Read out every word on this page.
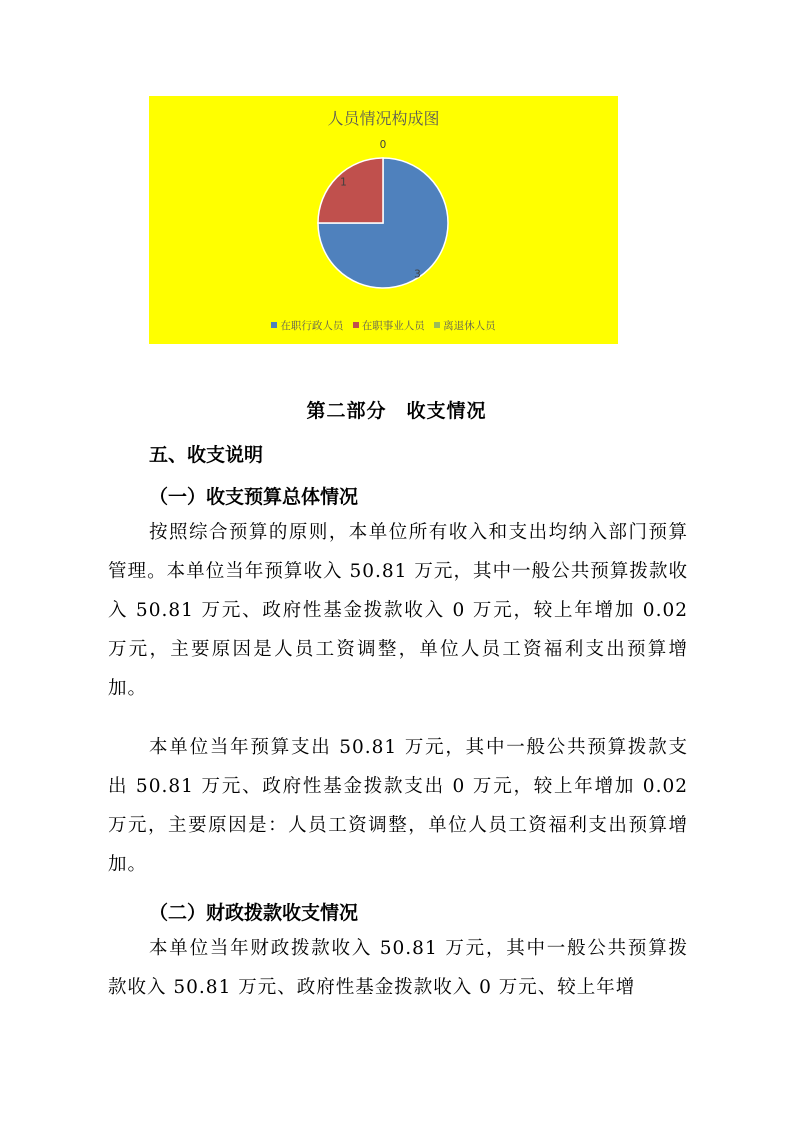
人员情况构成图
3
1
0
在职行政人员 在职事业人员 离退休人员
第二部分　收支情况
五、收支说明
（一）收支预算总体情况
按照综合预算的原则，本单位所有收入和支出均纳入部门预算管理。本单位当年预算收入 50.81 万元，其中一般公共预算拨款收入 50.81 万元、政府性基金拨款收入 0 万元，较上年增加 0.02 万元，主要原因是人员工资调整，单位人员工资福利支出预算增加。
本单位当年预算支出 50.81 万元，其中一般公共预算拨款支出 50.81 万元、政府性基金拨款支出 0 万元，较上年增加 0.02 万元，主要原因是：人员工资调整，单位人员工资福利支出预算增加。
（二）财政拨款收支情况
本单位当年财政拨款收入 50.81 万元，其中一般公共预算拨款收入 50.81 万元、政府性基金拨款收入 0 万元、较上年增
